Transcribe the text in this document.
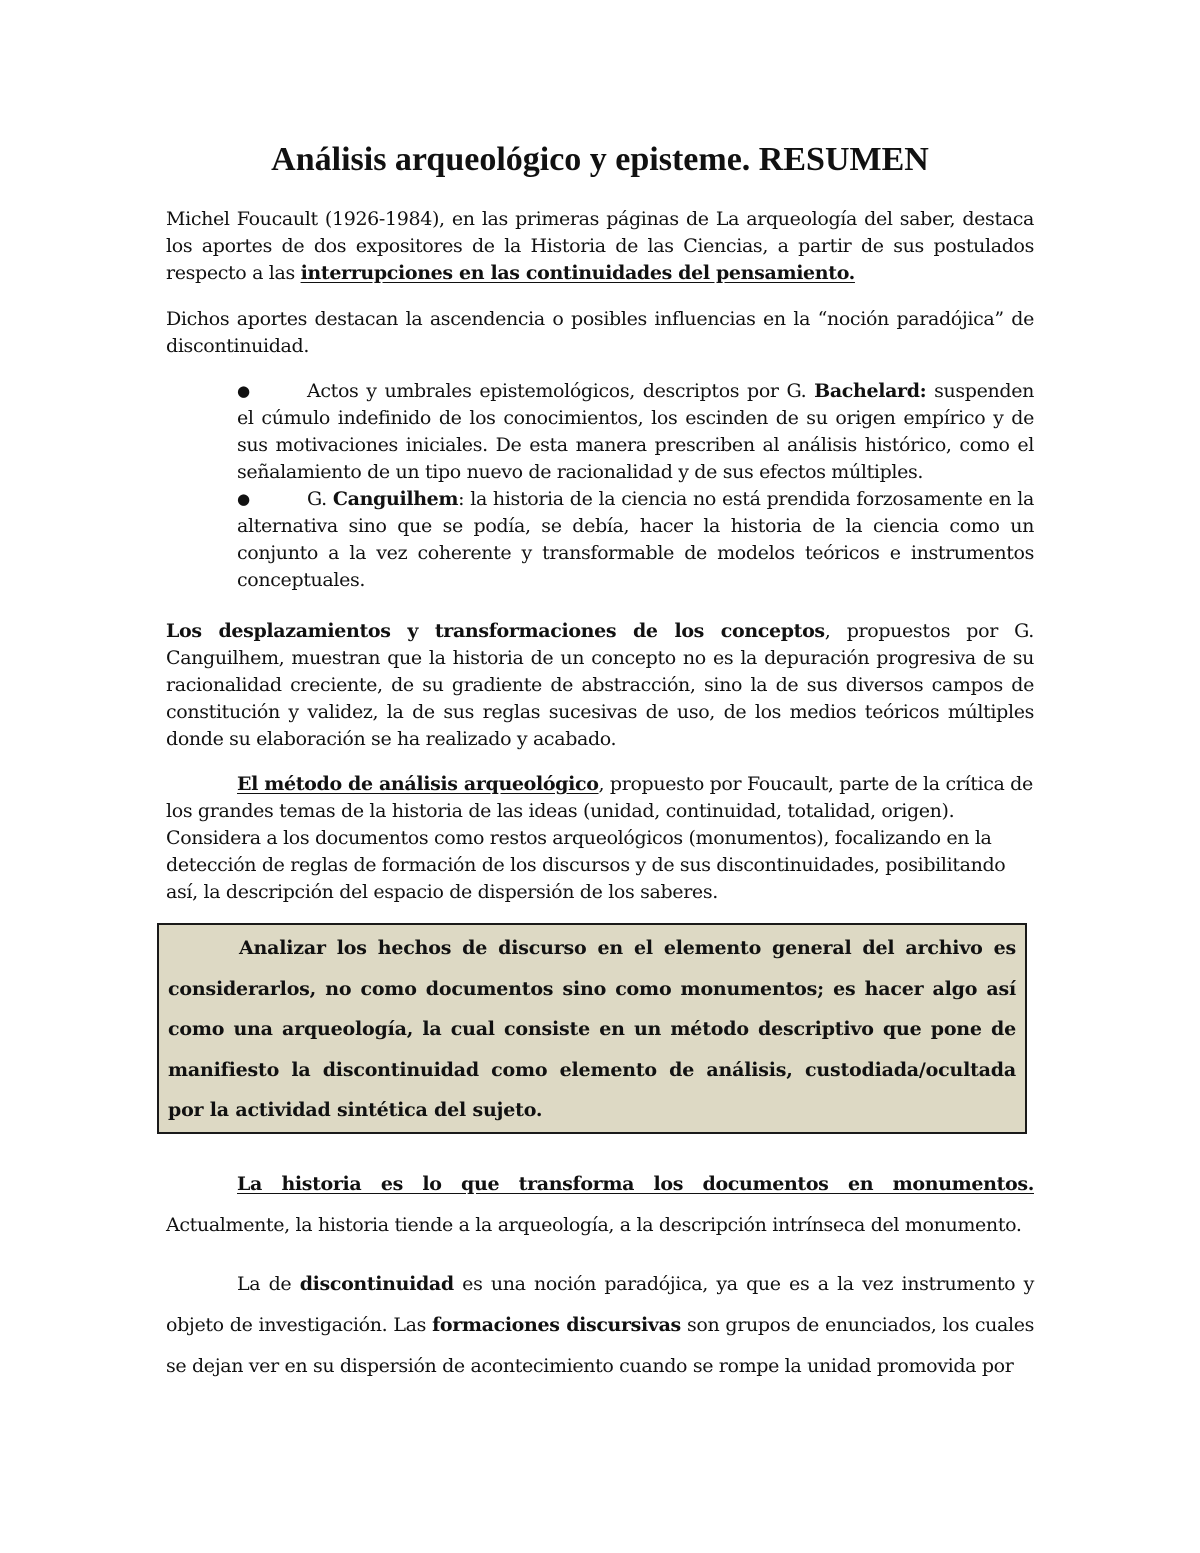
Análisis arqueológico y episteme. RESUMEN

Michel Foucault (1926-1984), en las primeras páginas de La arqueología del saber, destaca los aportes de dos expositores de la Historia de las Ciencias, a partir de sus postulados respecto a las interrupciones en las continuidades del pensamiento.

Dichos aportes destacan la ascendencia o posibles influencias en la “noción paradójica” de discontinuidad.

●	Actos y umbrales epistemológicos, descriptos por G. Bachelard: suspenden el cúmulo indefinido de los conocimientos, los escinden de su origen empírico y de sus motivaciones iniciales. De esta manera prescriben al análisis histórico, como el señalamiento de un tipo nuevo de racionalidad y de sus efectos múltiples.
●	G. Canguilhem: la historia de la ciencia no está prendida forzosamente en la alternativa sino que se podía, se debía, hacer la historia de la ciencia como un conjunto a la vez coherente y transformable de modelos teóricos e instrumentos conceptuales.

Los desplazamientos y transformaciones de los conceptos, propuestos por G. Canguilhem, muestran que la historia de un concepto no es la depuración progresiva de su racionalidad creciente, de su gradiente de abstracción, sino la de sus diversos campos de constitución y validez, la de sus reglas sucesivas de uso, de los medios teóricos múltiples donde su elaboración se ha realizado y acabado.

El método de análisis arqueológico, propuesto por Foucault, parte de la crítica de los grandes temas de la historia de las ideas (unidad, continuidad, totalidad, origen). Considera a los documentos como restos arqueológicos (monumentos), focalizando en la detección de reglas de formación de los discursos y de sus discontinuidades, posibilitando así, la descripción del espacio de dispersión de los saberes.

Analizar los hechos de discurso en el elemento general del archivo es considerarlos, no como documentos sino como monumentos; es hacer algo así como una arqueología, la cual consiste en un método descriptivo que pone de manifiesto la discontinuidad como elemento de análisis, custodiada/ocultada por la actividad sintética del sujeto.

La historia es lo que transforma los documentos en monumentos. Actualmente, la historia tiende a la arqueología, a la descripción intrínseca del monumento.

La de discontinuidad es una noción paradójica, ya que es a la vez instrumento y objeto de investigación. Las formaciones discursivas son grupos de enunciados, los cuales se dejan ver en su dispersión de acontecimiento cuando se rompe la unidad promovida por
